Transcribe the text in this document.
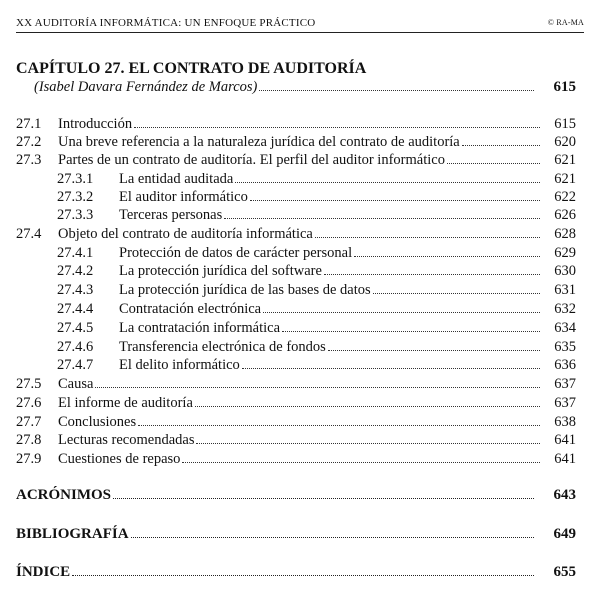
XX AUDITORÍA INFORMÁTICA: UN ENFOQUE PRÁCTICO	© RA-MA
CAPÍTULO 27. EL CONTRATO DE AUDITORÍA
(Isabel Davara Fernández de Marcos)	615
27.1	Introducción	615
27.2	Una breve referencia a la naturaleza jurídica del contrato de auditoría	620
27.3	Partes de un contrato de auditoría. El perfil del auditor informático	621
27.3.1	La entidad auditada	621
27.3.2	El auditor informático	622
27.3.3	Terceras personas	626
27.4	Objeto del contrato de auditoría informática	628
27.4.1	Protección de datos de carácter personal	629
27.4.2	La protección jurídica del software	630
27.4.3	La protección jurídica de las bases de datos	631
27.4.4	Contratación electrónica	632
27.4.5	La contratación informática	634
27.4.6	Transferencia electrónica de fondos	635
27.4.7	El delito informático	636
27.5	Causa	637
27.6	El informe de auditoría	637
27.7	Conclusiones	638
27.8	Lecturas recomendadas	641
27.9	Cuestiones de repaso	641
ACRÓNIMOS	643
BIBLIOGRAFÍA	649
ÍNDICE	655
